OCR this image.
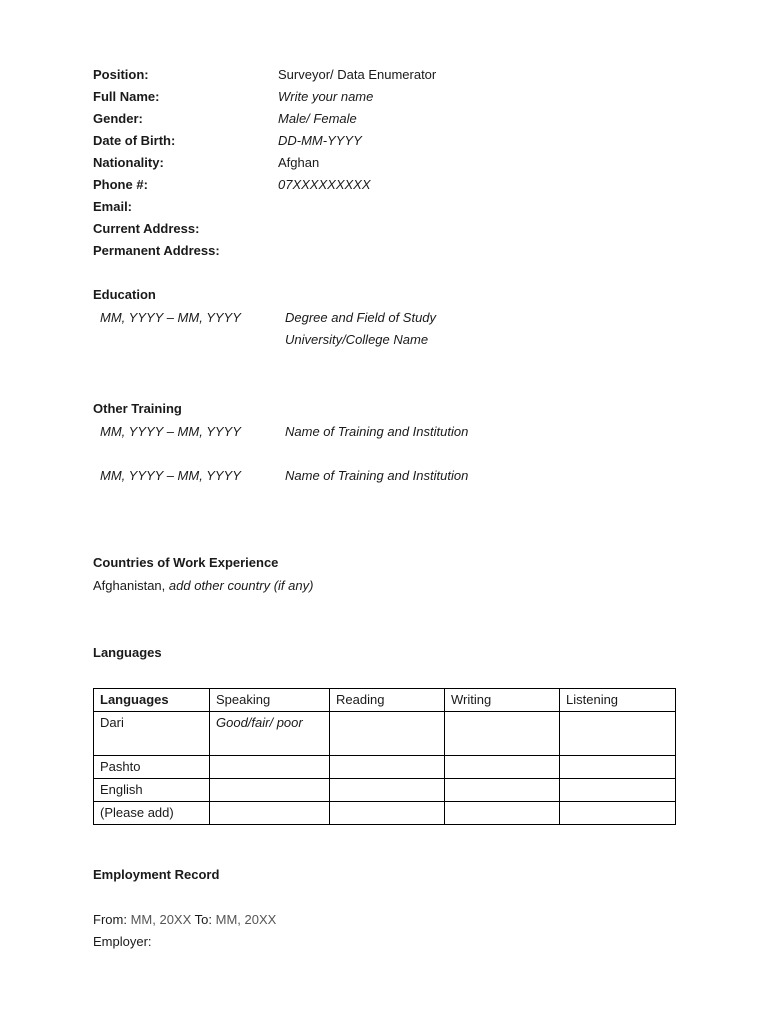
Position:	Surveyor/ Data Enumerator
Full Name:	Write your name
Gender:	Male/ Female
Date of Birth:	DD-MM-YYYY
Nationality:	Afghan
Phone #:	07XXXXXXXXX
Email:
Current Address:
Permanent Address:
Education
MM, YYYY – MM, YYYY	Degree and Field of Study
University/College Name
Other Training
MM, YYYY – MM, YYYY	Name of Training and Institution
MM, YYYY – MM, YYYY	Name of Training and Institution
Countries of Work Experience
Afghanistan, add other country (if any)
Languages
Languages	Speaking	Reading	Writing	Listening
Dari	Good/fair/ poor			
Pashto				
English				
(Please add)				
Employment Record
From: MM, 20XX To: MM, 20XX
Employer:
